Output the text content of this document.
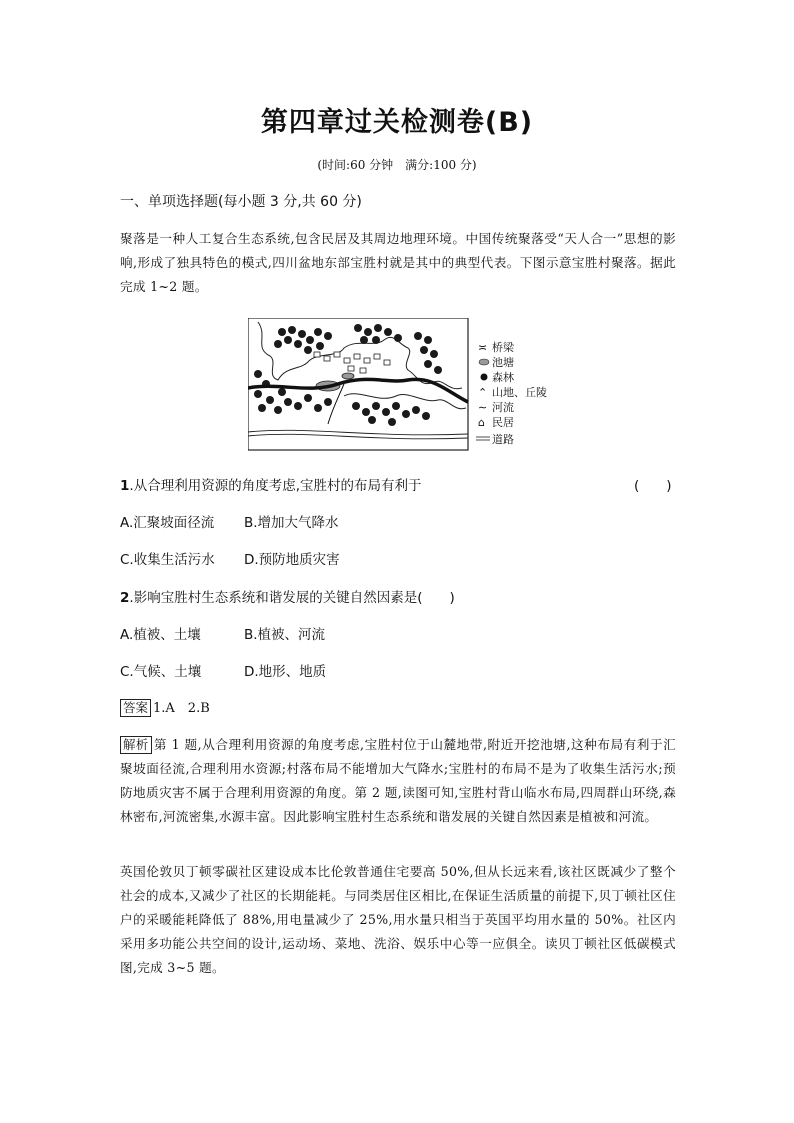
第四章过关检测卷(B)
(时间:60 分钟　满分:100 分)
一、单项选择题(每小题 3 分,共 60 分)
聚落是一种人工复合生态系统,包含民居及其周边地理环境。中国传统聚落受“天人合一”思想的影响,形成了独具特色的模式,四川盆地东部宝胜村就是其中的典型代表。下图示意宝胜村聚落。据此完成 1~2 题。
≍ 桥梁
池塘
森林
⌃ 山地、丘陵
∼ 河流
⌂ 民居
道路
1.从合理利用资源的角度考虑,宝胜村的布局有利于	(　　)
A.汇聚坡面径流 B.增加大气降水
C.收集生活污水 D.预防地质灾害
2.影响宝胜村生态系统和谐发展的关键自然因素是(　　)
A.植被、土壤	B.植被、河流
C.气候、土壤	D.地形、地质
答案 1.A　2.B
解析 第 1 题,从合理利用资源的角度考虑,宝胜村位于山麓地带,附近开挖池塘,这种布局有利于汇聚坡面径流,合理利用水资源;村落布局不能增加大气降水;宝胜村的布局不是为了收集生活污水;预防地质灾害不属于合理利用资源的角度。第 2 题,读图可知,宝胜村背山临水布局,四周群山环绕,森林密布,河流密集,水源丰富。因此影响宝胜村生态系统和谐发展的关键自然因素是植被和河流。
英国伦敦贝丁顿零碳社区建设成本比伦敦普通住宅要高 50%,但从长远来看,该社区既减少了整个社会的成本,又减少了社区的长期能耗。与同类居住区相比,在保证生活质量的前提下,贝丁顿社区住户的采暖能耗降低了 88%,用电量减少了 25%,用水量只相当于英国平均用水量的 50%。社区内采用多功能公共空间的设计,运动场、菜地、洗浴、娱乐中心等一应俱全。读贝丁顿社区低碳模式图,完成 3~5 题。
